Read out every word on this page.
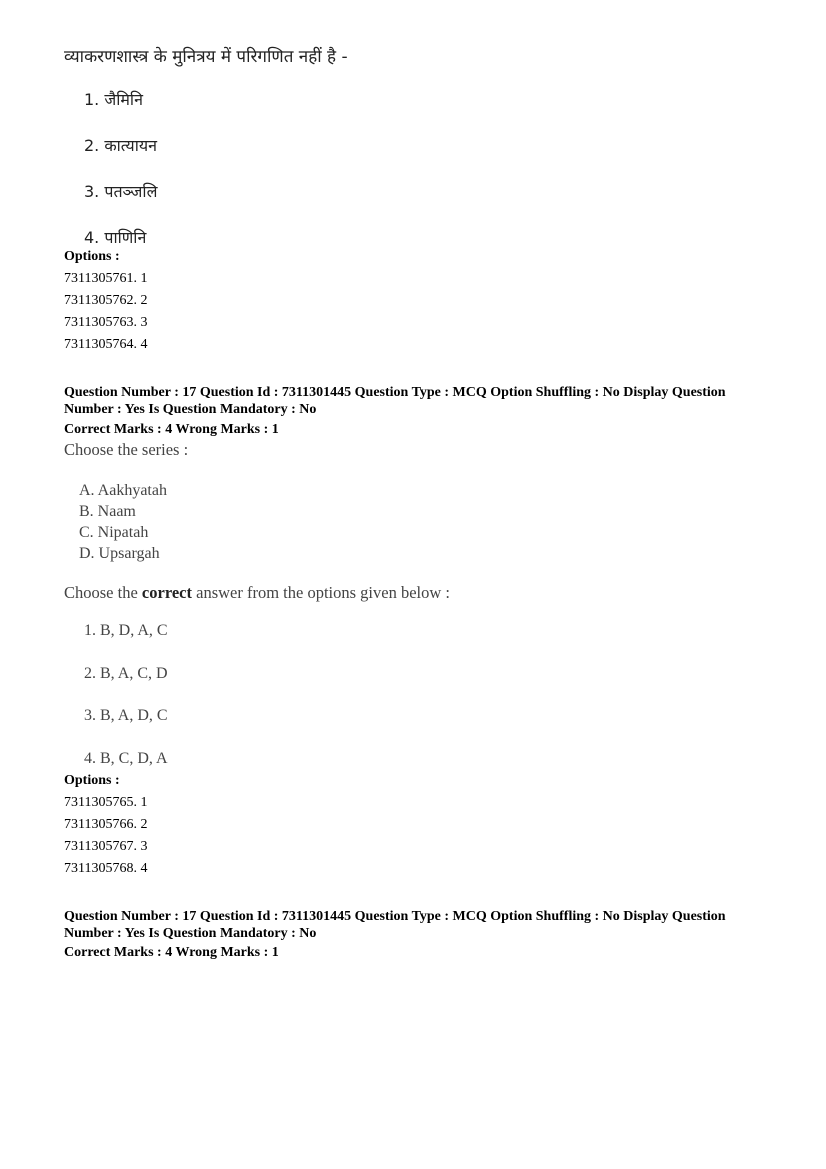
व्याकरणशास्त्र के मुनित्रय में परिगणित नहीं है -
1. जैमिनि
2. कात्यायन
3. पतञ्जलि
4. पाणिनि
Options :
7311305761. 1
7311305762. 2
7311305763. 3
7311305764. 4
Question Number : 17 Question Id : 7311301445 Question Type : MCQ Option Shuffling : No Display Question Number : Yes Is Question Mandatory : No
Correct Marks : 4 Wrong Marks : 1
Choose the series :
A. Aakhyatah
B. Naam
C. Nipatah
D. Upsargah
Choose the correct answer from the options given below :
1. B, D, A, C
2. B, A, C, D
3. B, A, D, C
4. B, C, D, A
Options :
7311305765. 1
7311305766. 2
7311305767. 3
7311305768. 4
Question Number : 17 Question Id : 7311301445 Question Type : MCQ Option Shuffling : No Display Question Number : Yes Is Question Mandatory : No
Correct Marks : 4 Wrong Marks : 1
